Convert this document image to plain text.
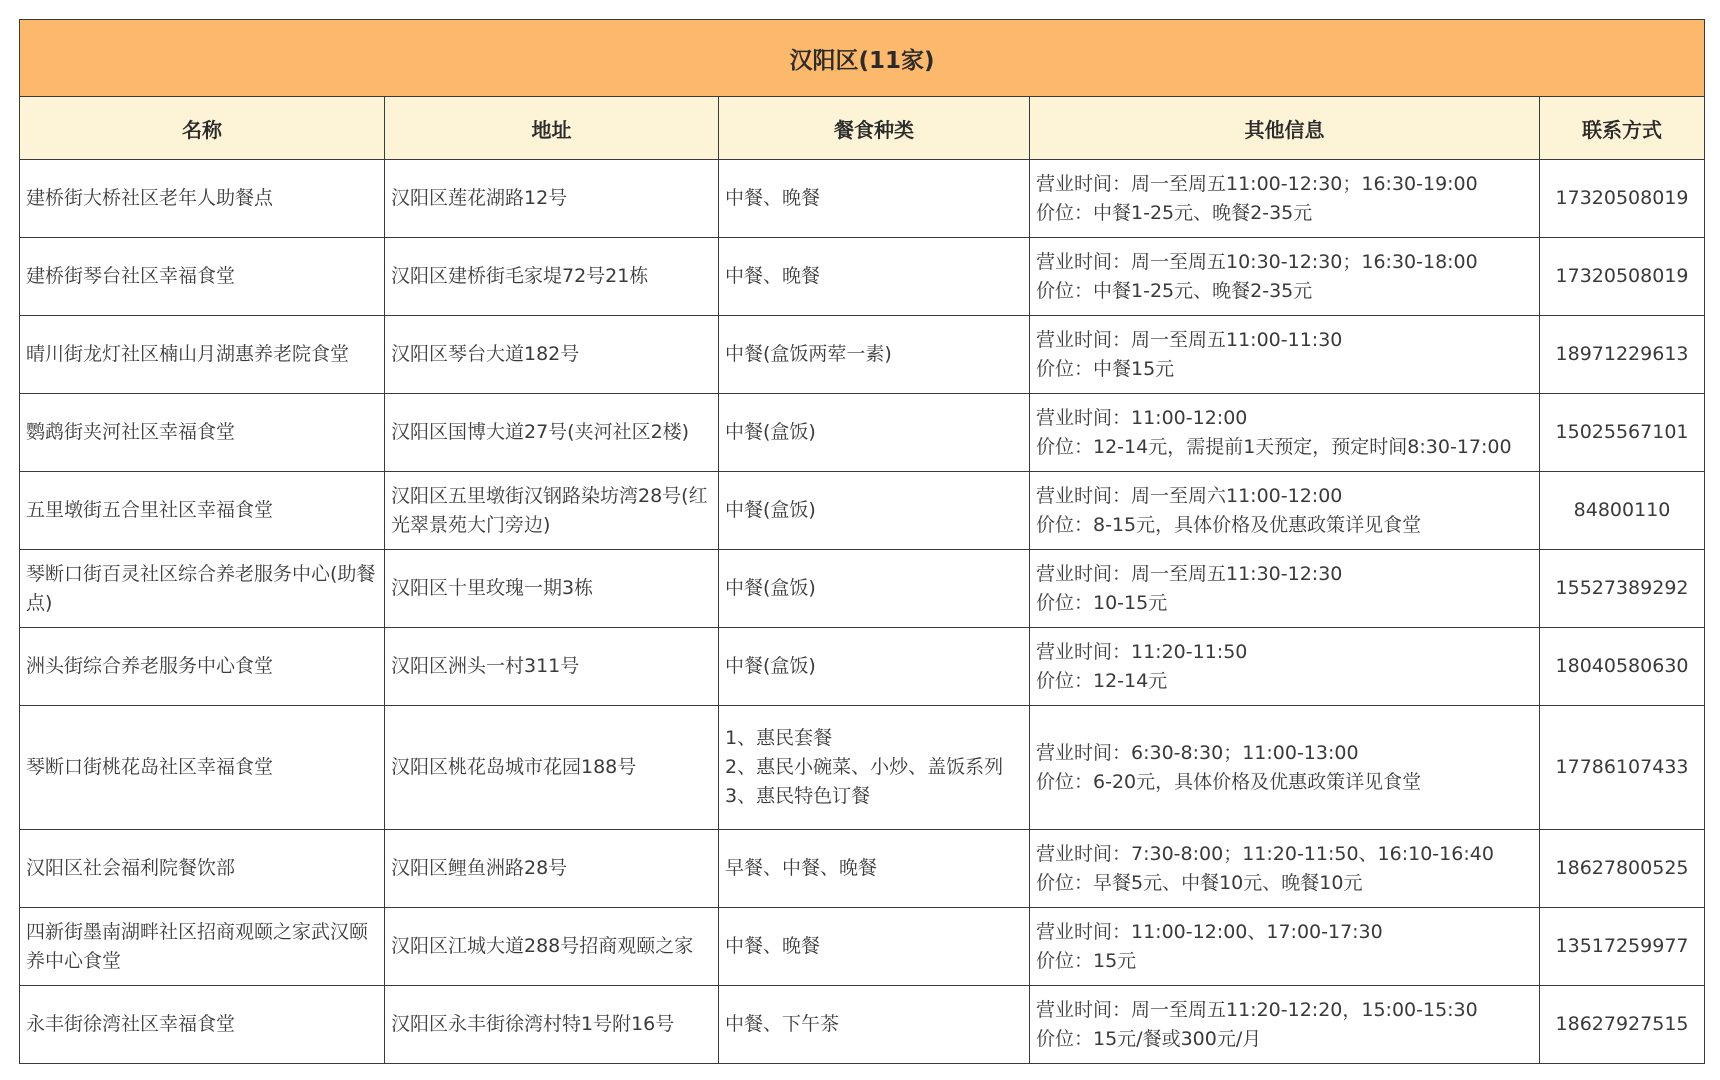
汉阳区(11家)				
名称	地址	餐食种类	其他信息	联系方式
建桥街大桥社区老年人助餐点	汉阳区莲花湖路12号	中餐、晚餐	营业时间：周一至周五11:00-12:30；16:30-19:00
价位：中餐1-25元、晚餐2-35元	17320508019
建桥街琴台社区幸福食堂	汉阳区建桥街毛家堤72号21栋	中餐、晚餐	营业时间：周一至周五10:30-12:30；16:30-18:00
价位：中餐1-25元、晚餐2-35元	17320508019
晴川街龙灯社区楠山月湖惠养老院食堂	汉阳区琴台大道182号	中餐(盒饭两荤一素)	营业时间：周一至周五11:00-11:30
价位：中餐15元	18971229613
鹦鹉街夹河社区幸福食堂	汉阳区国博大道27号(夹河社区2楼)	中餐(盒饭)	营业时间：11:00-12:00
价位：12-14元，需提前1天预定，预定时间8:30-17:00	15025567101
五里墩街五合里社区幸福食堂	汉阳区五里墩街汉钢路染坊湾28号(红光翠景苑大门旁边)	中餐(盒饭)	营业时间：周一至周六11:00-12:00
价位：8-15元，具体价格及优惠政策详见食堂	84800110
琴断口街百灵社区综合养老服务中心(助餐点)	汉阳区十里玫瑰一期3栋	中餐(盒饭)	营业时间：周一至周五11:30-12:30
价位：10-15元	15527389292
洲头街综合养老服务中心食堂	汉阳区洲头一村311号	中餐(盒饭)	营业时间：11:20-11:50
价位：12-14元	18040580630
琴断口街桃花岛社区幸福食堂	汉阳区桃花岛城市花园188号	1、惠民套餐
2、惠民小碗菜、小炒、盖饭系列
3、惠民特色订餐	营业时间：6:30-8:30；11:00-13:00
价位：6-20元，具体价格及优惠政策详见食堂	17786107433
汉阳区社会福利院餐饮部	汉阳区鲤鱼洲路28号	早餐、中餐、晚餐	营业时间：7:30-8:00；11:20-11:50、16:10-16:40
价位：早餐5元、中餐10元、晚餐10元	18627800525
四新街墨南湖畔社区招商观颐之家武汉颐养中心食堂	汉阳区江城大道288号招商观颐之家	中餐、晚餐	营业时间：11:00-12:00、17:00-17:30
价位：15元	13517259977
永丰街徐湾社区幸福食堂	汉阳区永丰街徐湾村特1号附16号	中餐、下午茶	营业时间：周一至周五11:20-12:20，15:00-15:30
价位：15元/餐或300元/月	18627927515
